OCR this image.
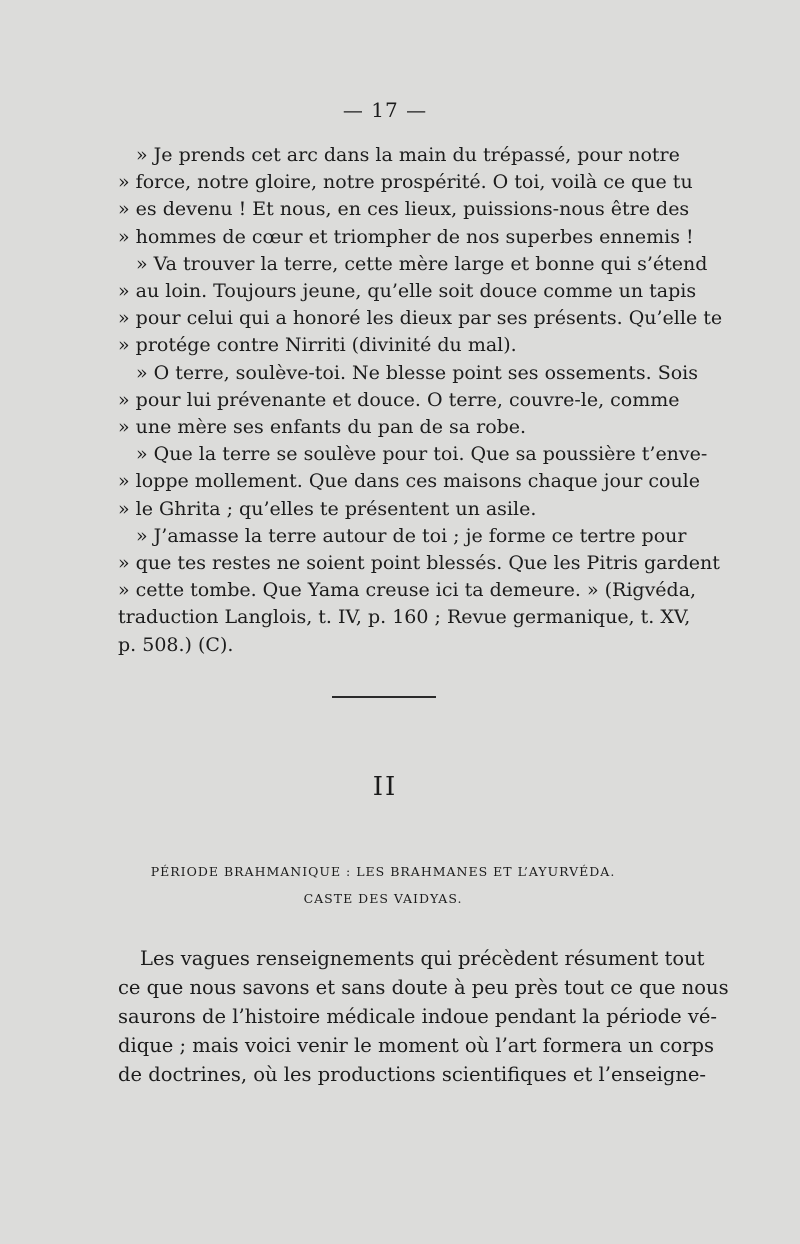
— 17 —
» Je prends cet arc dans la main du trépassé, pour notre
» force, notre gloire, notre prospérité. O toi, voilà ce que tu
» es devenu ! Et nous, en ces lieux, puissions-nous être des
» hommes de cœur et triompher de nos superbes ennemis !
» Va trouver la terre, cette mère large et bonne qui s’étend
» au loin. Toujours jeune, qu’elle soit douce comme un tapis
» pour celui qui a honoré les dieux par ses présents. Qu’elle te
» protége contre Nirriti (divinité du mal).
» O terre, soulève-toi. Ne blesse point ses ossements. Sois
» pour lui prévenante et douce. O terre, couvre-le, comme
» une mère ses enfants du pan de sa robe.
» Que la terre se soulève pour toi. Que sa poussière t’enve-
» loppe mollement. Que dans ces maisons chaque jour coule
» le Ghrita ; qu’elles te présentent un asile.
» J’amasse la terre autour de toi ; je forme ce tertre pour
» que tes restes ne soient point blessés. Que les Pitris gardent
» cette tombe. Que Yama creuse ici ta demeure. » (Rigvéda,
traduction Langlois, t. IV, p. 160 ; Revue germanique, t. XV,
p. 508.) (C).
II
PÉRIODE BRAHMANIQUE : LES BRAHMANES ET L’AYURVÉDA.
CASTE DES VAIDYAS.
Les vagues renseignements qui précèdent résument tout
ce que nous savons et sans doute à peu près tout ce que nous
saurons de l’histoire médicale indoue pendant la période vé-
dique ; mais voici venir le moment où l’art formera un corps
de doctrines, où les productions scientifiques et l’enseigne-
